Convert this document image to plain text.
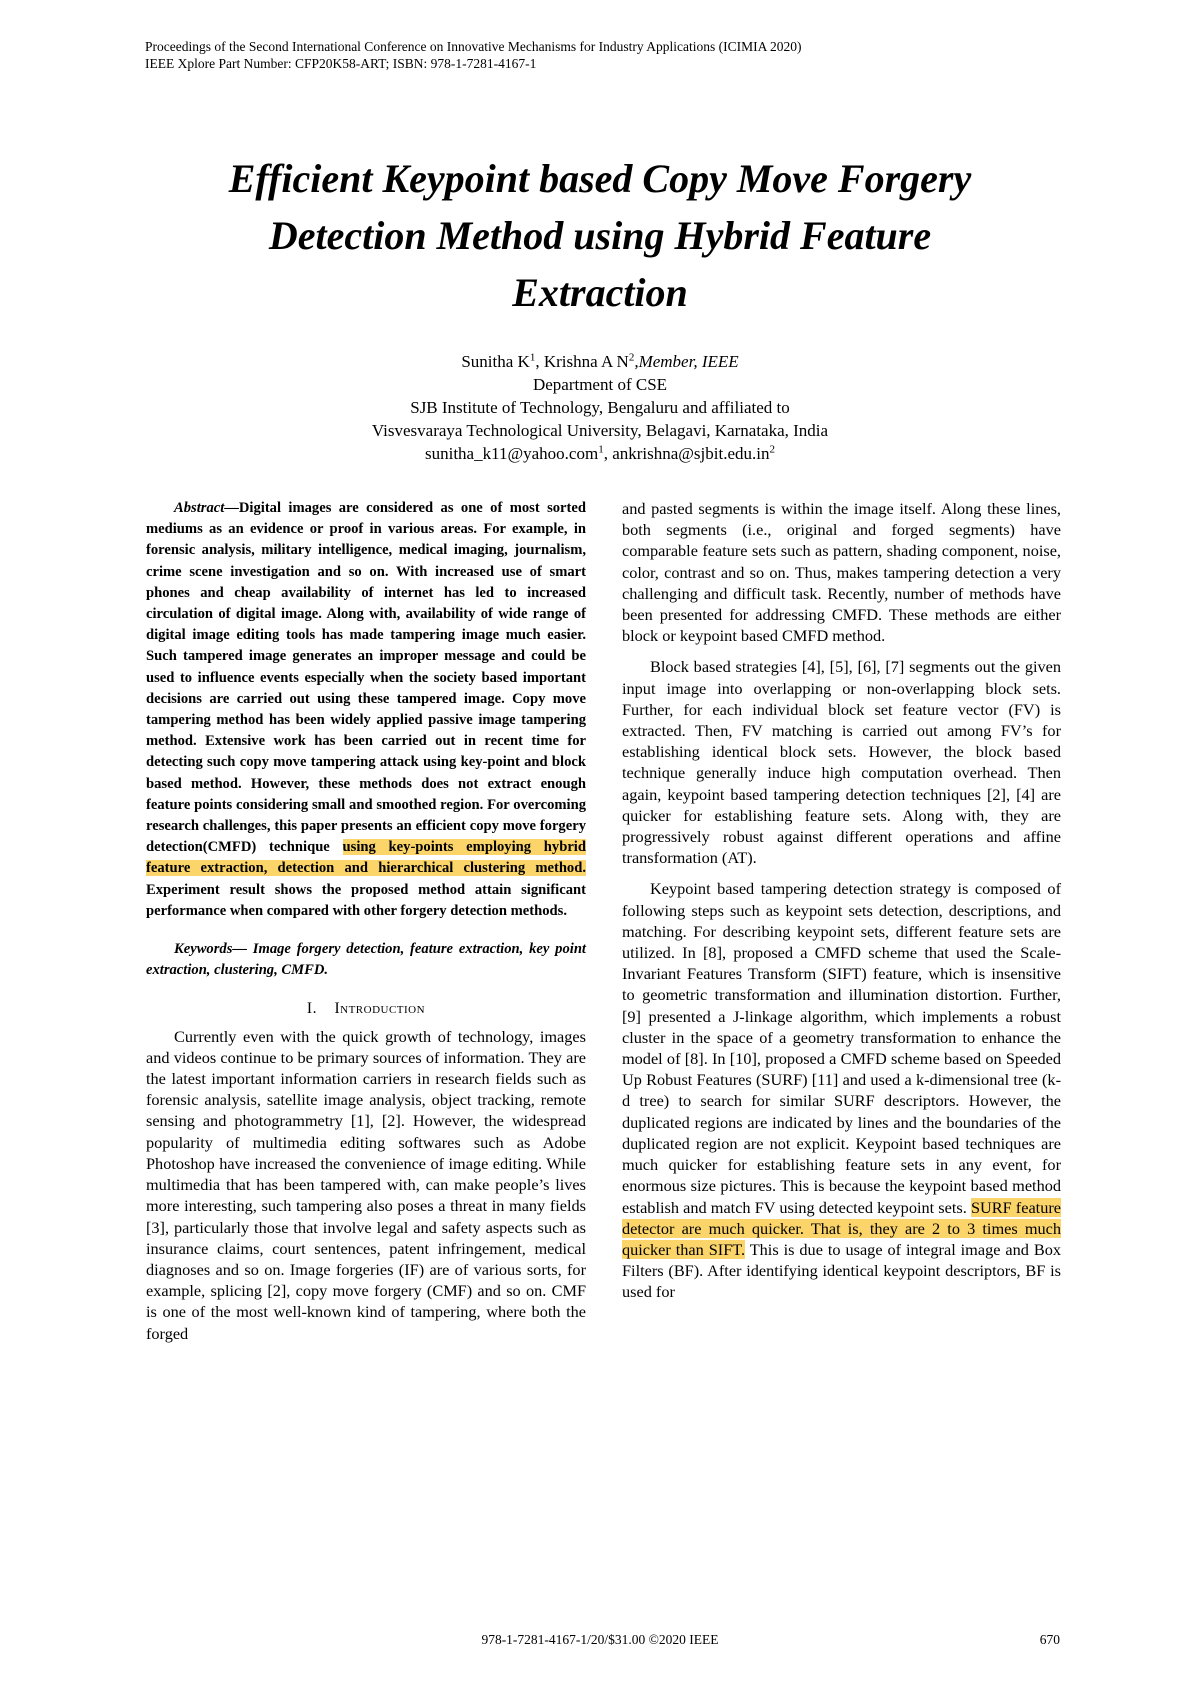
Proceedings of the Second International Conference on Innovative Mechanisms for Industry Applications (ICIMIA 2020)
IEEE Xplore Part Number: CFP20K58-ART; ISBN: 978-1-7281-4167-1
Efficient Keypoint based Copy Move Forgery
Detection Method using Hybrid Feature
Extraction
Sunitha $K^1$, Krishna A $N^2,Member$, IEEE
Department of CSE
SJB Institute of Technology, Bengaluru and affiliated to
Visvesvaraya Technological University, Belagavi, Karnataka, India
sunitha_k11@yahoo.com$^1$, $ankrishna@sjbit.edu.in^2$

Abstract—Digital images are considered as one of most sorted mediums as an evidence or proof in various areas. For example, in forensic analysis, military intelligence, medical imaging, journalism, crime scene investigation and so on. With increased use of smart phones and cheap availability of internet has led to increased circulation of digital image. Along with, availability of wide range of digital image editing tools has made tampering image much easier. Such tampered image generates an improper message and could be used to influence events especially when the society based important decisions are carried out using these tampered image. Copy move tampering method has been widely applied passive image tampering method. Extensive work has been carried out in recent time for detecting such copy move tampering attack using key-point and block based method. However, these methods does not extract enough feature points considering small and smoothed region. For overcoming research challenges, this paper presents an efficient copy move forgery detection(CMFD) technique using key-points employing hybrid feature extraction, detection and hierarchical clustering method. Experiment result shows the proposed method attain significant performance when compared with other forgery detection methods.

Keywords— Image forgery detection, feature extraction, key point extraction, clustering, CMFD.

I. Introduction

Currently even with the quick growth of technology, images and videos continue to be primary sources of information. They are the latest important information carriers in research fields such as forensic analysis, satellite image analysis, object tracking, remote sensing and photogrammetry [1], [2]. However, the widespread popularity of multimedia editing softwares such as Adobe Photoshop have increased the convenience of image editing. While multimedia that has been tampered with, can make people’s lives more interesting, such tampering also poses a threat in many fields [3], particularly those that involve legal and safety aspects such as insurance claims, court sentences, patent infringement, medical diagnoses and so on. Image forgeries (IF) are of various sorts, for example, splicing [2], copy move forgery (CMF) and so on. CMF is one of the most well-known kind of tampering, where both the forged

and pasted segments is within the image itself. Along these lines, both segments (i.e., original and forged segments) have comparable feature sets such as pattern, shading component, noise, color, contrast and so on. Thus, makes tampering detection a very challenging and difficult task. Recently, number of methods have been presented for addressing CMFD. These methods are either block or keypoint based CMFD method.

Block based strategies [4], [5], [6], [7] segments out the given input image into overlapping or non-overlapping block sets. Further, for each individual block set feature vector (FV) is extracted. Then, FV matching is carried out among FV’s for establishing identical block sets. However, the block based technique generally induce high computation overhead. Then again, keypoint based tampering detection techniques [2], [4] are quicker for establishing feature sets. Along with, they are progressively robust against different operations and affine transformation (AT).

Keypoint based tampering detection strategy is composed of following steps such as keypoint sets detection, descriptions, and matching. For describing keypoint sets, different feature sets are utilized. In [8], proposed a CMFD scheme that used the Scale-Invariant Features Transform (SIFT) feature, which is insensitive to geometric transformation and illumination distortion. Further, [9] presented a J-linkage algorithm, which implements a robust cluster in the space of a geometry transformation to enhance the model of [8]. In [10], proposed a CMFD scheme based on Speeded Up Robust Features (SURF) [11] and used a k-dimensional tree (k-d tree) to search for similar SURF descriptors. However, the duplicated regions are indicated by lines and the boundaries of the duplicated region are not explicit. Keypoint based techniques are much quicker for establishing feature sets in any event, for enormous size pictures. This is because the keypoint based method establish and match FV using detected keypoint sets. SURF feature detector are much quicker. That is, they are 2 to 3 times much quicker than SIFT. This is due to usage of integral image and Box Filters (BF). After identifying identical keypoint descriptors, BF is used for

978-1-7281-4167-1/20/$31.00 ©2020 IEEE	670
